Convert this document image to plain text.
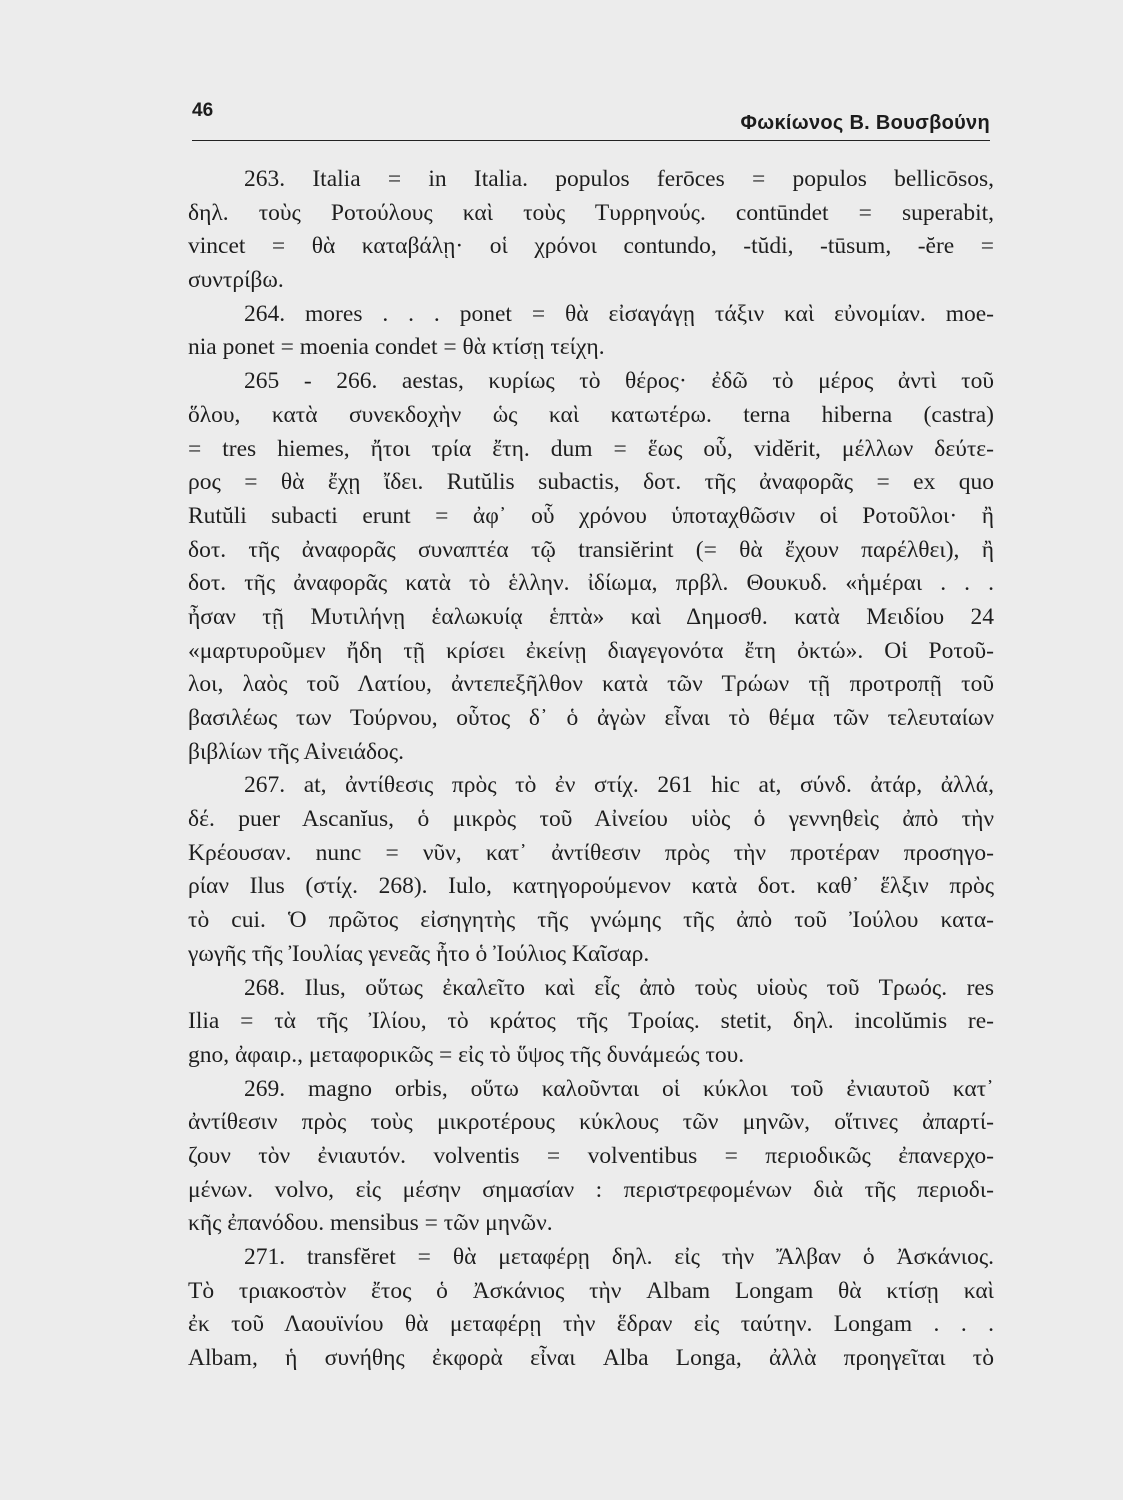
46
Φωκίωνος Β. Βουσβούνη
263. Italia = in Italia. populos ferōces = populos bellicōsos,
δηλ. τοὺς Ροτούλους καὶ τοὺς Τυρρηνούς. contūndet = superabit,
vincet = θὰ καταβάλῃ· οἱ χρόνοι contundo, -tŭdi, -tūsum, -ĕre =
συντρίβω.
264. mores . . . ponet = θὰ εἰσαγάγῃ τάξιν καὶ εὐνομίαν. moe-
nia ponet = moenia condet = θὰ κτίσῃ τείχη.
265 - 266. aestas, κυρίως τὸ θέρος· ἐδῶ τὸ μέρος ἀντὶ τοῦ
ὅλου, κατὰ συνεκδοχὴν ὡς καὶ κατωτέρω. terna hiberna (castra)
= tres hiemes, ἤτοι τρία ἔτη. dum = ἕως οὗ, vidĕrit, μέλλων δεύτε-
ρος = θὰ ἔχῃ ἴδει. Rutŭlis subactis, δοτ. τῆς ἀναφορᾶς = ex quo
Rutŭli subacti erunt = ἀφ᾽ οὗ χρόνου ὑποταχθῶσιν οἱ Ροτοῦλοι· ἢ
δοτ. τῆς ἀναφορᾶς συναπτέα τῷ transiĕrint (= θὰ ἔχουν παρέλθει), ἢ
δοτ. τῆς ἀναφορᾶς κατὰ τὸ ἑλλην. ἰδίωμα, πρβλ. Θουκυδ. «ἡμέραι . . .
ἦσαν τῇ Μυτιλήνῃ ἑαλωκυίᾳ ἑπτὰ» καὶ Δημοσθ. κατὰ Μειδίου 24
«μαρτυροῦμεν ἤδη τῇ κρίσει ἐκείνῃ διαγεγονότα ἔτη ὀκτώ». Οἱ Ροτοῦ-
λοι, λαὸς τοῦ Λατίου, ἀντεπεξῆλθον κατὰ τῶν Τρώων τῇ προτροπῇ τοῦ
βασιλέως των Τούρνου, οὗτος δ᾽ ὁ ἀγὼν εἶναι τὸ θέμα τῶν τελευταίων
βιβλίων τῆς Αἰνειάδος.
267. at, ἀντίθεσις πρὸς τὸ ἐν στίχ. 261 hic at, σύνδ. ἀτάρ, ἀλλά,
δέ. puer Ascanĭus, ὁ μικρὸς τοῦ Αἰνείου υἱὸς ὁ γεννηθεὶς ἀπὸ τὴν
Κρέουσαν. nunc = νῦν, κατ᾽ ἀντίθεσιν πρὸς τὴν προτέραν προσηγο-
ρίαν Ilus (στίχ. 268). Iulo, κατηγορούμενον κατὰ δοτ. καθ᾽ ἕλξιν πρὸς
τὸ cui. Ὁ πρῶτος εἰσηγητὴς τῆς γνώμης τῆς ἀπὸ τοῦ Ἰούλου κατα-
γωγῆς τῆς Ἰουλίας γενεᾶς ἦτο ὁ Ἰούλιος Καῖσαρ.
268. Ilus, οὕτως ἐκαλεῖτο καὶ εἷς ἀπὸ τοὺς υἱοὺς τοῦ Τρωός. res
Ilia = τὰ τῆς Ἰλίου, τὸ κράτος τῆς Τροίας. stetit, δηλ. incolŭmis re-
gno, ἀφαιρ., μεταφορικῶς = εἰς τὸ ὕψος τῆς δυνάμεώς του.
269. magno orbis, οὕτω καλοῦνται οἱ κύκλοι τοῦ ἐνιαυτοῦ κατ᾽
ἀντίθεσιν πρὸς τοὺς μικροτέρους κύκλους τῶν μηνῶν, οἵτινες ἀπαρτί-
ζουν τὸν ἐνιαυτόν. volventis = volventibus = περιοδικῶς ἐπανερχο-
μένων. volvo, εἰς μέσην σημασίαν : περιστρεφομένων διὰ τῆς περιοδι-
κῆς ἐπανόδου. mensibus = τῶν μηνῶν.
271. transfĕret = θὰ μεταφέρῃ δηλ. εἰς τὴν Ἄλβαν ὁ Ἀσκάνιος.
Τὸ τριακοστὸν ἔτος ὁ Ἀσκάνιος τὴν Albam Longam θὰ κτίσῃ καὶ
ἐκ τοῦ Λαουϊνίου θὰ μεταφέρῃ τὴν ἕδραν εἰς ταύτην. Longam . . .
Albam, ἡ συνήθης ἐκφορὰ εἶναι Alba Longa, ἀλλὰ προηγεῖται τὸ
